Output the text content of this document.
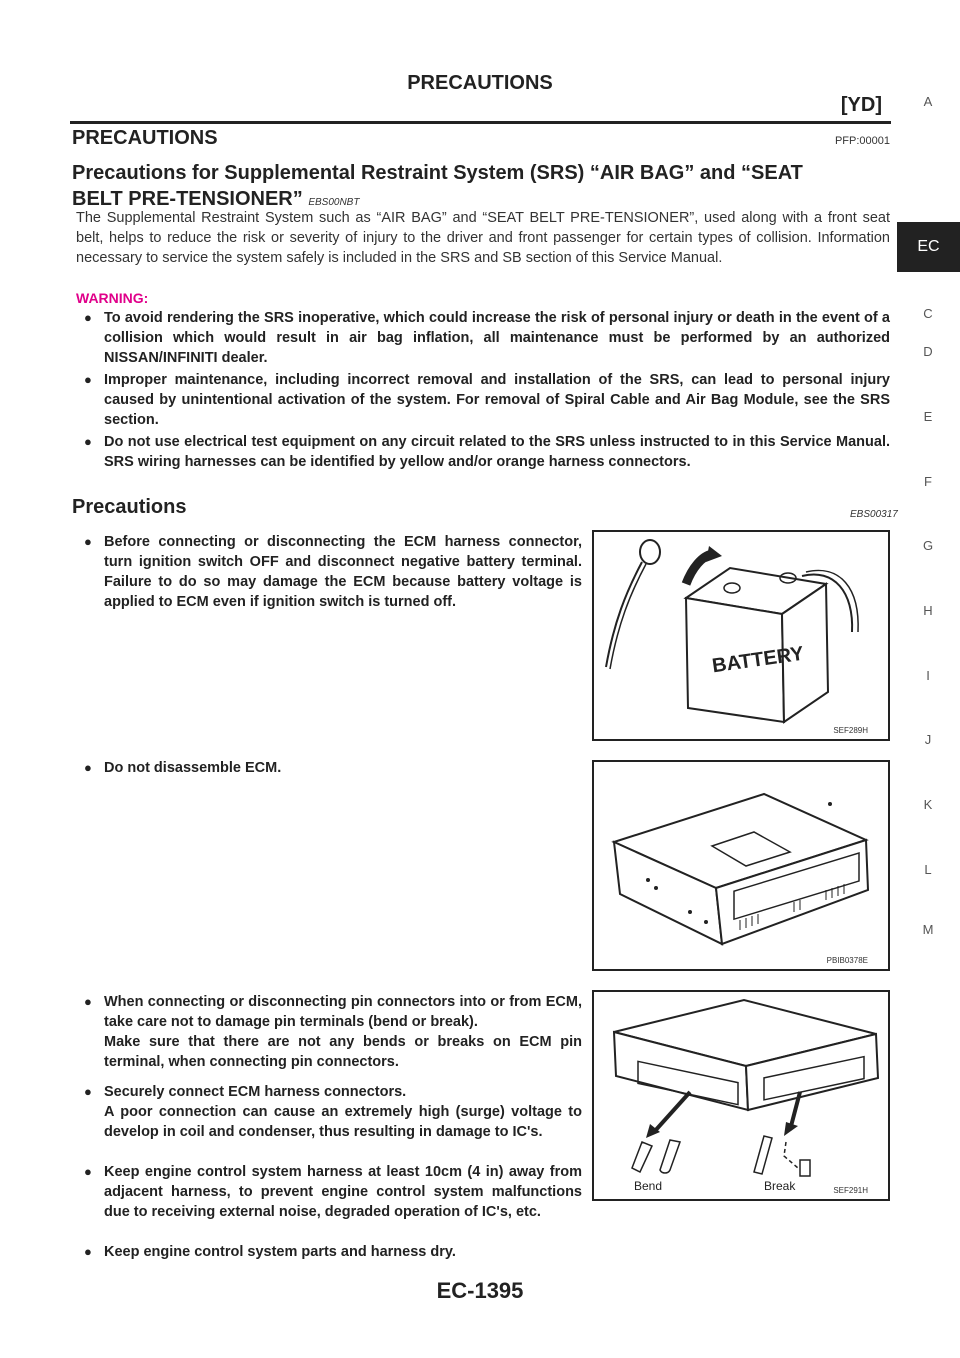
PRECAUTIONS
[YD]
PRECAUTIONS	PFP:00001
Precautions for Supplemental Restraint System (SRS) “AIR BAG” and “SEAT
BELT PRE-TENSIONER” EBS00NBT
The Supplemental Restraint System such as “AIR BAG” and “SEAT BELT PRE-TENSIONER”, used along with a front seat belt, helps to reduce the risk or severity of injury to the driver and front passenger for certain types of collision. Information necessary to service the system safely is included in the SRS and SB section of this Service Manual.
WARNING:
● To avoid rendering the SRS inoperative, which could increase the risk of personal injury or death in the event of a collision which would result in air bag inflation, all maintenance must be performed by an authorized NISSAN/INFINITI dealer.
● Improper maintenance, including incorrect removal and installation of the SRS, can lead to personal injury caused by unintentional activation of the system. For removal of Spiral Cable and Air Bag Module, see the SRS section.
● Do not use electrical test equipment on any circuit related to the SRS unless instructed to in this Service Manual. SRS wiring harnesses can be identified by yellow and/or orange harness connectors.
Precautions	EBS00317
● Before connecting or disconnecting the ECM harness connector, turn ignition switch OFF and disconnect negative battery terminal. Failure to do so may damage the ECM because battery voltage is applied to ECM even if ignition switch is turned off.
● Do not disassemble ECM.
● When connecting or disconnecting pin connectors into or from ECM, take care not to damage pin terminals (bend or break).
Make sure that there are not any bends or breaks on ECM pin terminal, when connecting pin connectors.
● Securely connect ECM harness connectors.
A poor connection can cause an extremely high (surge) voltage to develop in coil and condenser, thus resulting in damage to IC's.
● Keep engine control system harness at least 10cm (4 in) away from adjacent harness, to prevent engine control system malfunctions due to receiving external noise, degraded operation of IC's, etc.
● Keep engine control system parts and harness dry.
BATTERY
SEF289H
PBIB0378E
Bend	Break	SEF291H
A
EC
C
D
E
F
G
H
I
J
K
L
M
EC-1395
